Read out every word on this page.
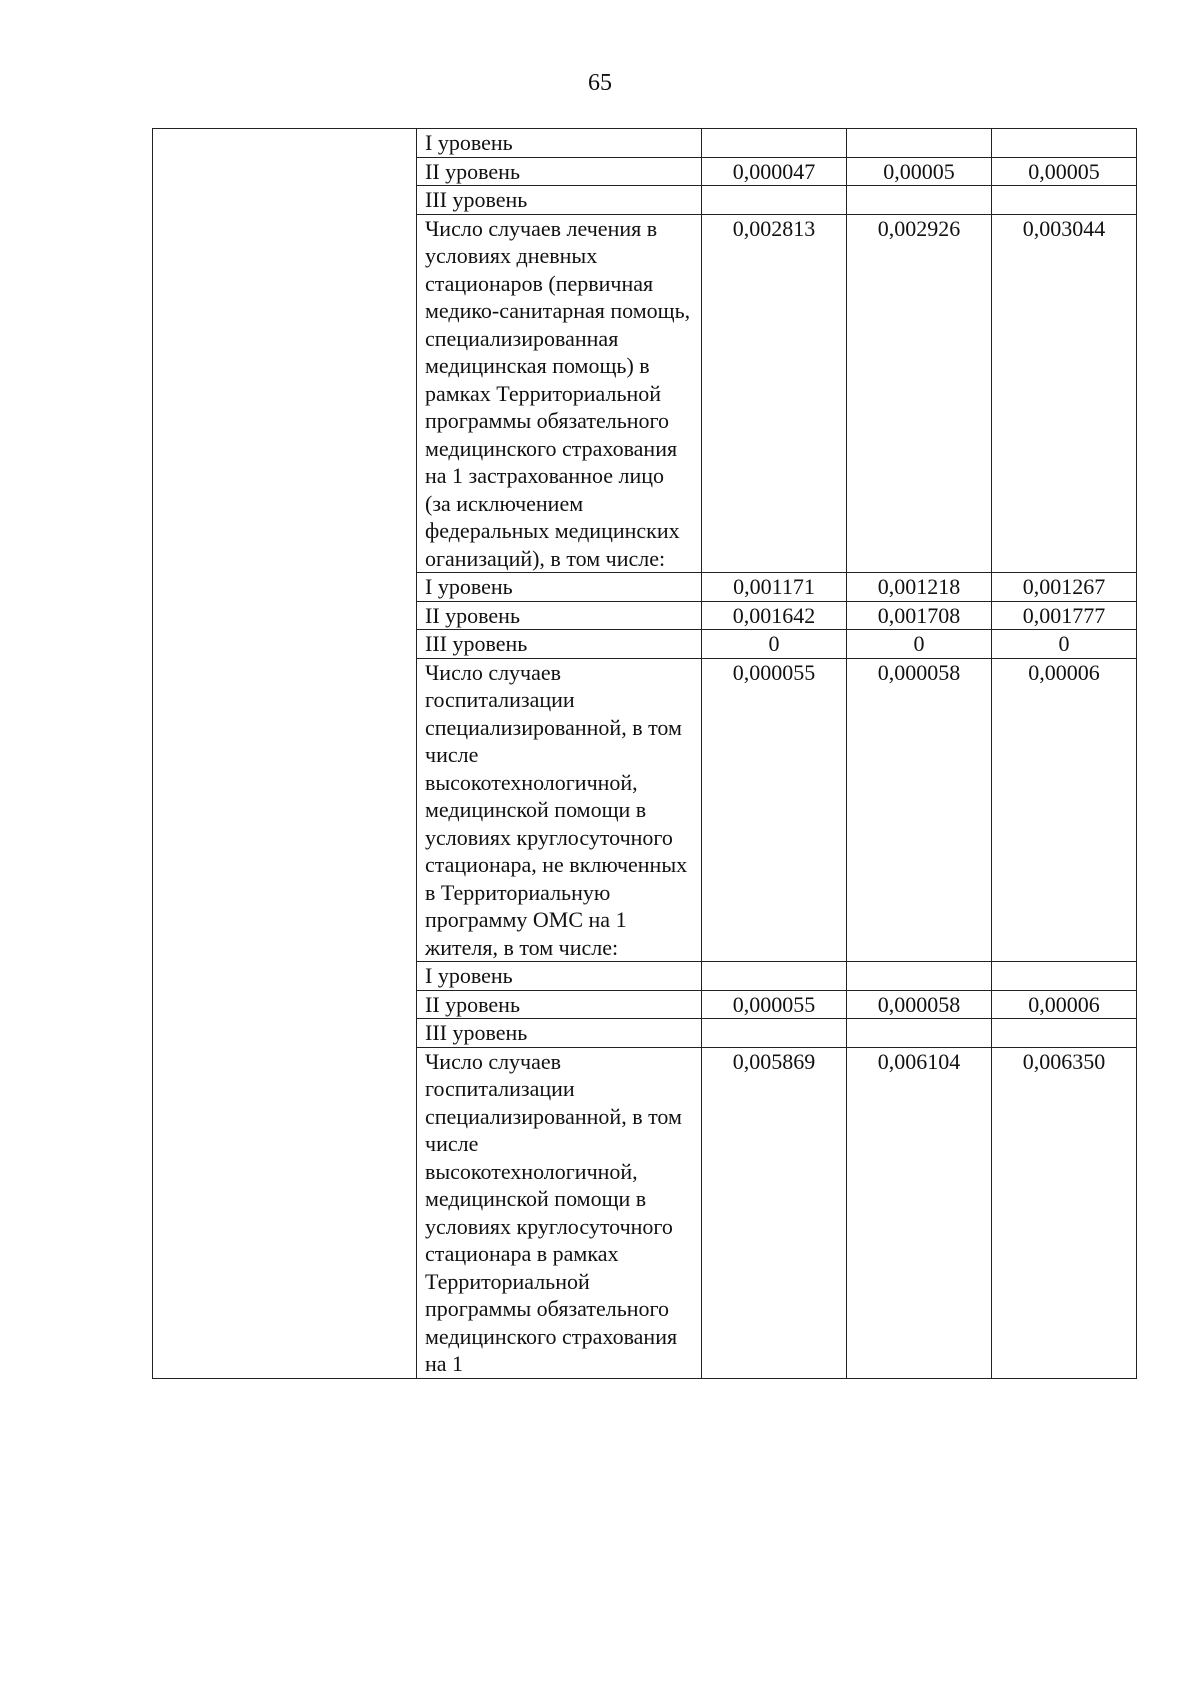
65
	I уровень			
	II уровень	0,000047	0,00005	0,00005
	III уровень			
	Число случаев лечения в условиях дневных стационаров (первичная медико-санитарная помощь, специализированная медицинская помощь) в рамках Территориальной программы обязательного медицинского страхования на 1 застрахованное лицо (за исключением федеральных медицинских оганизаций), в том числе:	0,002813	0,002926	0,003044
	I уровень	0,001171	0,001218	0,001267
	II уровень	0,001642	0,001708	0,001777
	III уровень	0	0	0
	Число случаев госпитализации специализированной, в том числе высокотехнологичной, медицинской помощи в условиях круглосуточного стационара, не включенных в Территориальную программу ОМС на 1 жителя, в том числе:	0,000055	0,000058	0,00006
	I уровень			
	II уровень	0,000055	0,000058	0,00006
	III уровень			
	Число случаев госпитализации специализированной, в том числе высокотехнологичной, медицинской помощи в условиях круглосуточного стационара в рамках Территориальной программы обязательного медицинского страхования на 1	0,005869	0,006104	0,006350
